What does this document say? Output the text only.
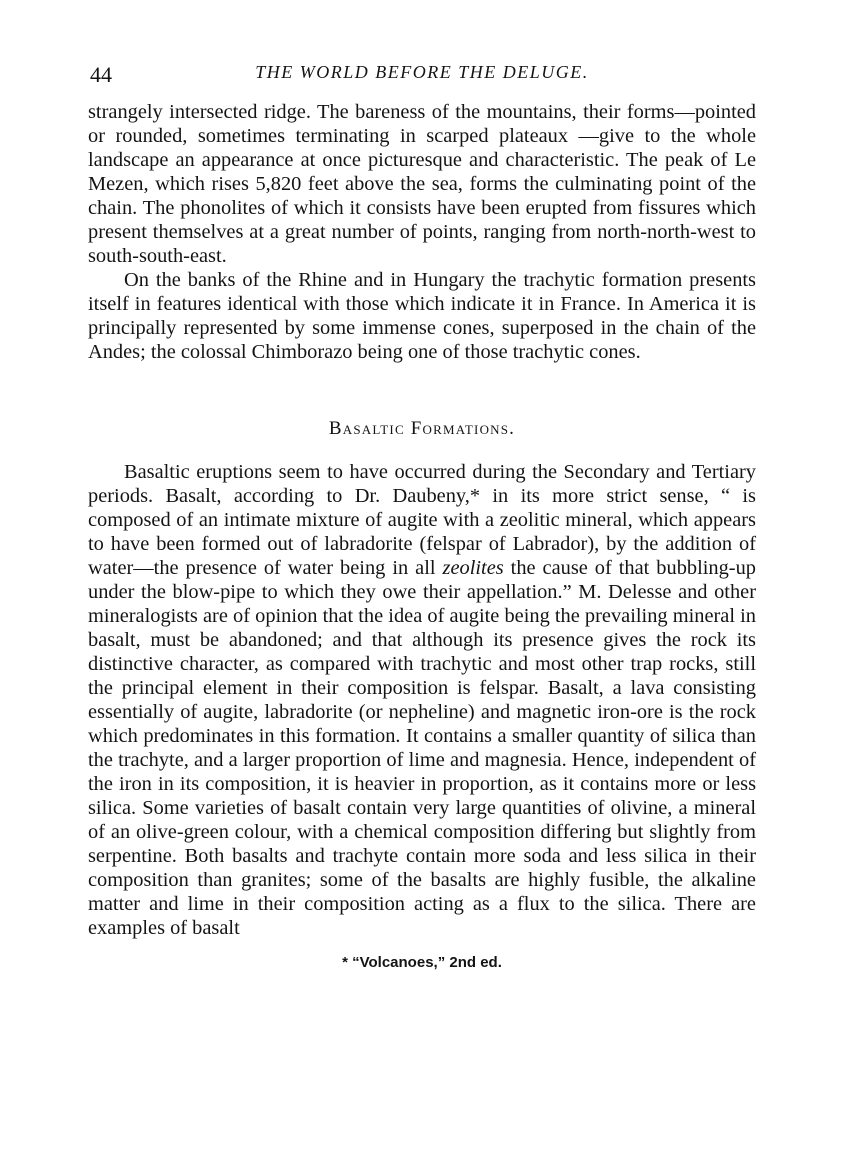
44	THE WORLD BEFORE THE DELUGE.

strangely intersected ridge. The bareness of the mountains, their forms—pointed or rounded, sometimes terminating in scarped plateaux —give to the whole landscape an appearance at once picturesque and characteristic. The peak of Le Mezen, which rises 5,820 feet above the sea, forms the culminating point of the chain. The phonolites of which it consists have been erupted from fissures which present themselves at a great number of points, ranging from north-north-west to south-south-east.

On the banks of the Rhine and in Hungary the trachytic formation presents itself in features identical with those which indicate it in France. In America it is principally represented by some immense cones, superposed in the chain of the Andes; the colossal Chimborazo being one of those trachytic cones.

Basaltic Formations.

Basaltic eruptions seem to have occurred during the Secondary and Tertiary periods. Basalt, according to Dr. Daubeny,* in its more strict sense, “ is composed of an intimate mixture of augite with a zeolitic mineral, which appears to have been formed out of labradorite (felspar of Labrador), by the addition of water—the presence of water being in all zeolites the cause of that bubbling-up under the blow-pipe to which they owe their appellation.” M. Delesse and other mineralogists are of opinion that the idea of augite being the prevailing mineral in basalt, must be abandoned; and that although its presence gives the rock its distinctive character, as compared with trachytic and most other trap rocks, still the principal element in their composition is felspar. Basalt, a lava consisting essentially of augite, labradorite (or nepheline) and magnetic iron-ore is the rock which predominates in this formation. It contains a smaller quantity of silica than the trachyte, and a larger proportion of lime and magnesia. Hence, independent of the iron in its composition, it is heavier in proportion, as it contains more or less silica. Some varieties of basalt contain very large quantities of olivine, a mineral of an olive-green colour, with a chemical composition differing but slightly from serpentine. Both basalts and trachyte contain more soda and less silica in their composition than granites; some of the basalts are highly fusible, the alkaline matter and lime in their composition acting as a flux to the silica. There are examples of basalt

* “Volcanoes,” 2nd ed.
